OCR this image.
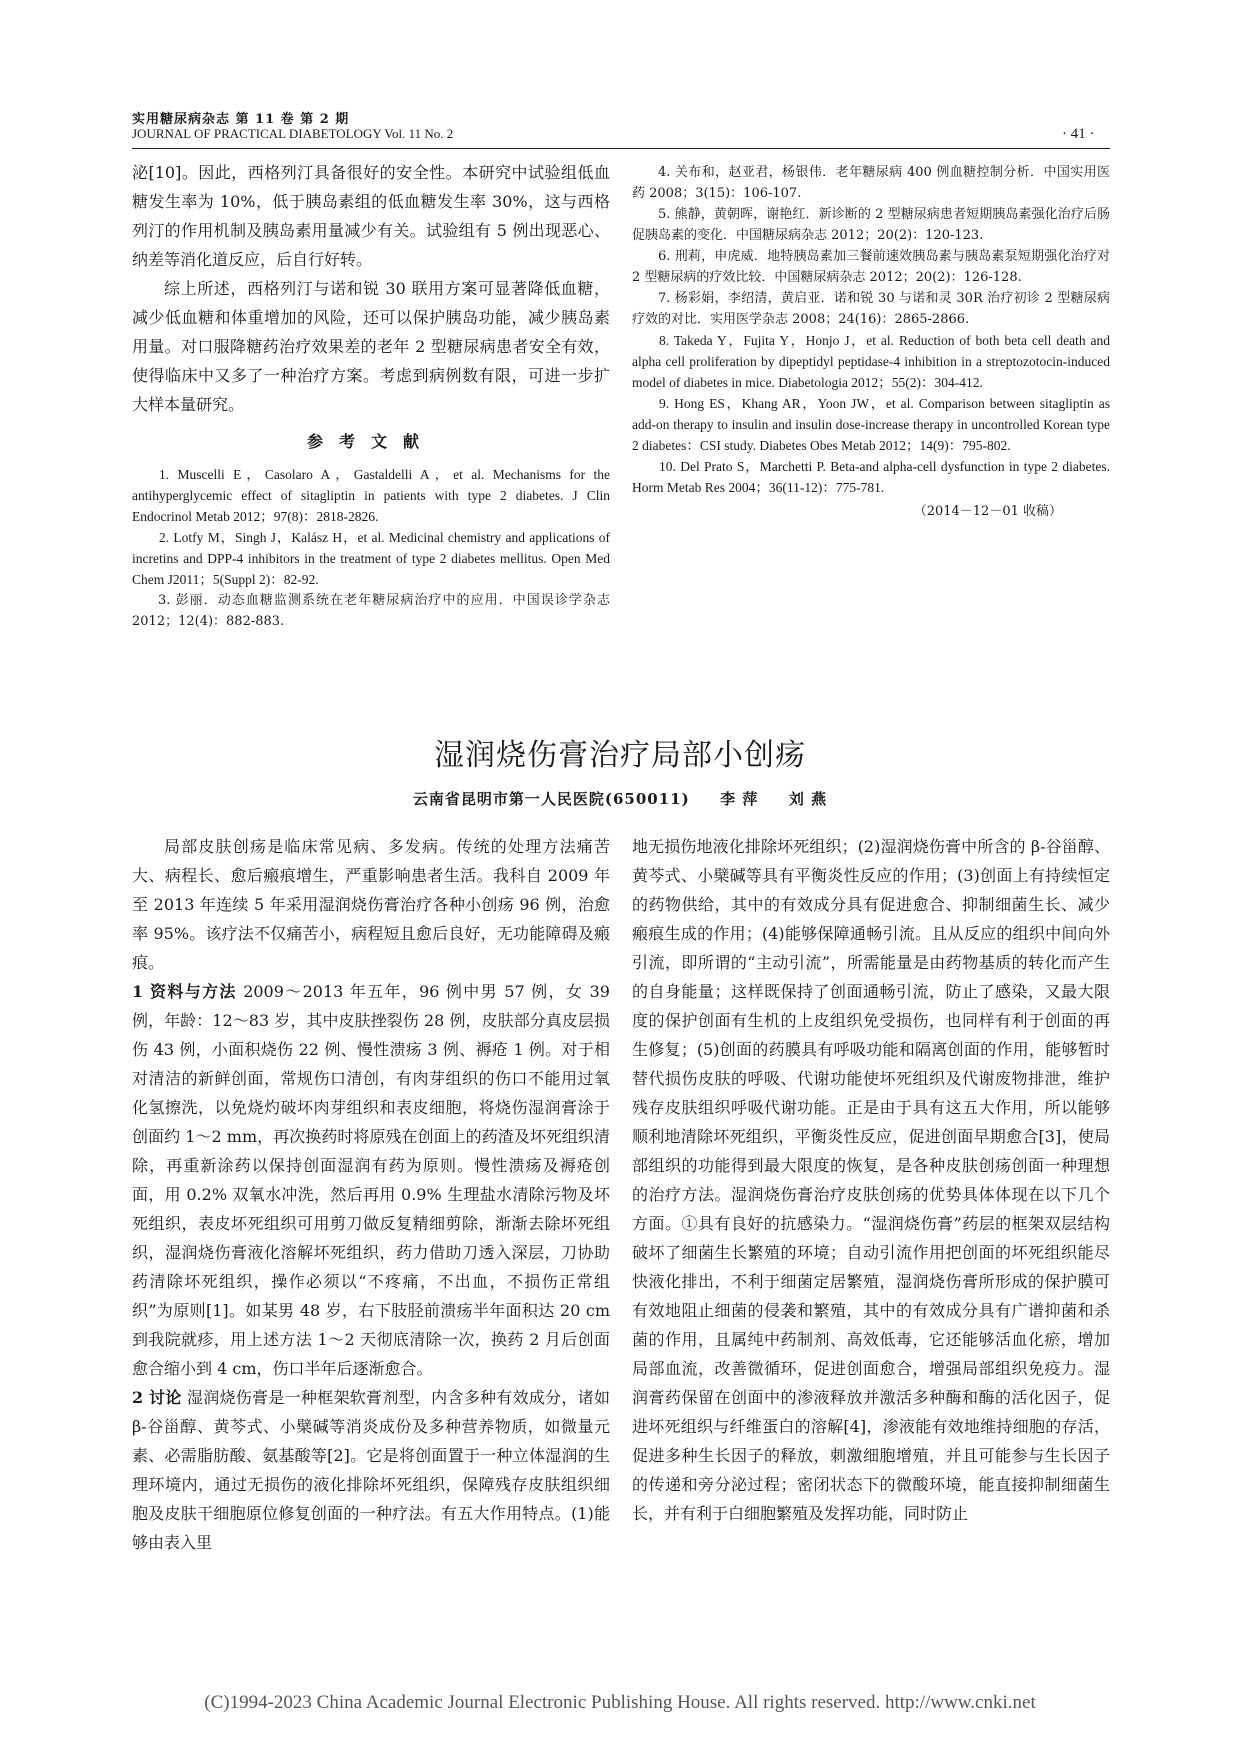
实用糖尿病杂志 第 11 卷 第 2 期
JOURNAL OF PRACTICAL DIABETOLOGY Vol. 11 No. 2	· 41 ·

泌[10]。因此，西格列汀具备很好的安全性。本研究中试验组低血糖发生率为 10%，低于胰岛素组的低血糖发生率 30%，这与西格列汀的作用机制及胰岛素用量减少有关。试验组有 5 例出现恶心、纳差等消化道反应，后自行好转。

综上所述，西格列汀与诺和锐 30 联用方案可显著降低血糖，减少低血糖和体重增加的风险，还可以保护胰岛功能，减少胰岛素用量。对口服降糖药治疗效果差的老年 2 型糖尿病患者安全有效，使得临床中又多了一种治疗方案。考虑到病例数有限，可进一步扩大样本量研究。

参考文献

1. Muscelli E，Casolaro A，Gastaldelli A，et al. Mechanisms for the antihyperglycemic effect of sitagliptin in patients with type 2 diabetes. J Clin Endocrinol Metab 2012；97(8)：2818-2826.

2. Lotfy M，Singh J，Kalász H，et al. Medicinal chemistry and applications of incretins and DPP-4 inhibitors in the treatment of type 2 diabetes mellitus. Open Med Chem J2011；5(Suppl 2)：82-92.

3. 彭丽．动态血糖监测系统在老年糖尿病治疗中的应用．中国误诊学杂志 2012；12(4)：882-883.

4. 关布和，赵亚君，杨银伟．老年糖尿病 400 例血糖控制分析．中国实用医药 2008；3(15)：106-107.

5. 熊静，黄朝晖，谢艳红．新诊断的 2 型糖尿病患者短期胰岛素强化治疗后肠促胰岛素的变化．中国糖尿病杂志 2012；20(2)：120-123.

6. 刑莉，申虎威．地特胰岛素加三餐前速效胰岛素与胰岛素泵短期强化治疗对 2 型糖尿病的疗效比较．中国糖尿病杂志 2012；20(2)：126-128.

7. 杨彩娟，李绍清，黄启亚．诺和锐 30 与诺和灵 30R 治疗初诊 2 型糖尿病疗效的对比．实用医学杂志 2008；24(16)：2865-2866.

8. Takeda Y，Fujita Y，Honjo J，et al. Reduction of both beta cell death and alpha cell proliferation by dipeptidyl peptidase-4 inhibition in a streptozotocin-induced model of diabetes in mice. Diabetologia 2012；55(2)：304-412.

9. Hong ES，Khang AR，Yoon JW，et al. Comparison between sitagliptin as add-on therapy to insulin and insulin dose-increase therapy in uncontrolled Korean type 2 diabetes：CSI study. Diabetes Obes Metab 2012；14(9)：795-802.

10. Del Prato S，Marchetti P. Beta-and alpha-cell dysfunction in type 2 diabetes. Horm Metab Res 2004；36(11-12)：775-781.

（2014－12－01 收稿）
湿润烧伤膏治疗局部小创疡
云南省昆明市第一人民医院(650011) 李 萍 刘 燕

局部皮肤创疡是临床常见病、多发病。传统的处理方法痛苦大、病程长、愈后瘢痕增生，严重影响患者生活。我科自 2009 年至 2013 年连续 5 年采用湿润烧伤膏治疗各种小创疡 96 例，治愈率 95%。该疗法不仅痛苦小，病程短且愈后良好，无功能障碍及瘢痕。

1 资料与方法 2009～2013 年五年，96 例中男 57 例，女 39 例，年龄：12～83 岁，其中皮肤挫裂伤 28 例，皮肤部分真皮层损伤 43 例，小面积烧伤 22 例、慢性溃疡 3 例、褥疮 1 例。对于相对清洁的新鲜创面，常规伤口清创，有肉芽组织的伤口不能用过氧化氢擦洗，以免烧灼破坏肉芽组织和表皮细胞，将烧伤湿润膏涂于创面约 1～2 mm，再次换药时将原残在创面上的药渣及坏死组织清除，再重新涂药以保持创面湿润有药为原则。慢性溃疡及褥疮创面，用 0.2% 双氧水冲洗，然后再用 0.9% 生理盐水清除污物及坏死组织，表皮坏死组织可用剪刀做反复精细剪除，渐渐去除坏死组织，湿润烧伤膏液化溶解坏死组织，药力借助刀透入深层，刀协助药清除坏死组织，操作必须以“不疼痛，不出血，不损伤正常组织”为原则[1]。如某男 48 岁，右下肢胫前溃疡半年面积达 20 cm 到我院就疹，用上述方法 1～2 天彻底清除一次，换药 2 月后创面愈合缩小到 4 cm，伤口半年后逐渐愈合。

2 讨论 湿润烧伤膏是一种框架软膏剂型，内含多种有效成分，诸如 β-谷甾醇、黄芩式、小檗碱等消炎成份及多种营养物质，如微量元素、必需脂肪酸、氨基酸等[2]。它是将创面置于一种立体湿润的生理环境内，通过无损伤的液化排除坏死组织，保障残存皮肤组织细胞及皮肤干细胞原位修复创面的一种疗法。有五大作用特点。(1)能够由表入里

地无损伤地液化排除坏死组织；(2)湿润烧伤膏中所含的 β-谷甾醇、黄芩式、小檗碱等具有平衡炎性反应的作用；(3)创面上有持续恒定的药物供给，其中的有效成分具有促进愈合、抑制细菌生长、减少瘢痕生成的作用；(4)能够保障通畅引流。且从反应的组织中间向外引流，即所谓的“主动引流”，所需能量是由药物基质的转化而产生的自身能量；这样既保持了创面通畅引流，防止了感染，又最大限度的保护创面有生机的上皮组织免受损伤，也同样有利于创面的再生修复；(5)创面的药膜具有呼吸功能和隔离创面的作用，能够暂时替代损伤皮肤的呼吸、代谢功能使坏死组织及代谢废物排泄，维护残存皮肤组织呼吸代谢功能。正是由于具有这五大作用，所以能够顺利地清除坏死组织，平衡炎性反应，促进创面早期愈合[3]，使局部组织的功能得到最大限度的恢复，是各种皮肤创疡创面一种理想的治疗方法。湿润烧伤膏治疗皮肤创疡的优势具体体现在以下几个方面。①具有良好的抗感染力。“湿润烧伤膏”药层的框架双层结构破坏了细菌生长繁殖的环境；自动引流作用把创面的坏死组织能尽快液化排出，不利于细菌定居繁殖，湿润烧伤膏所形成的保护膜可有效地阻止细菌的侵袭和繁殖，其中的有效成分具有广谱抑菌和杀菌的作用，且属纯中药制剂、高效低毒，它还能够活血化瘀，增加局部血流，改善微循环，促进创面愈合，增强局部组织免疫力。湿润膏药保留在创面中的渗液释放并激活多种酶和酶的活化因子，促进坏死组织与纤维蛋白的溶解[4]，渗液能有效地维持细胞的存活，促进多种生长因子的释放，刺激细胞增殖，并且可能参与生长因子的传递和旁分泌过程；密闭状态下的微酸环境，能直接抑制细菌生长，并有利于白细胞繁殖及发挥功能，同时防止

(C)1994-2023 China Academic Journal Electronic Publishing House. All rights reserved. http://www.cnki.net
